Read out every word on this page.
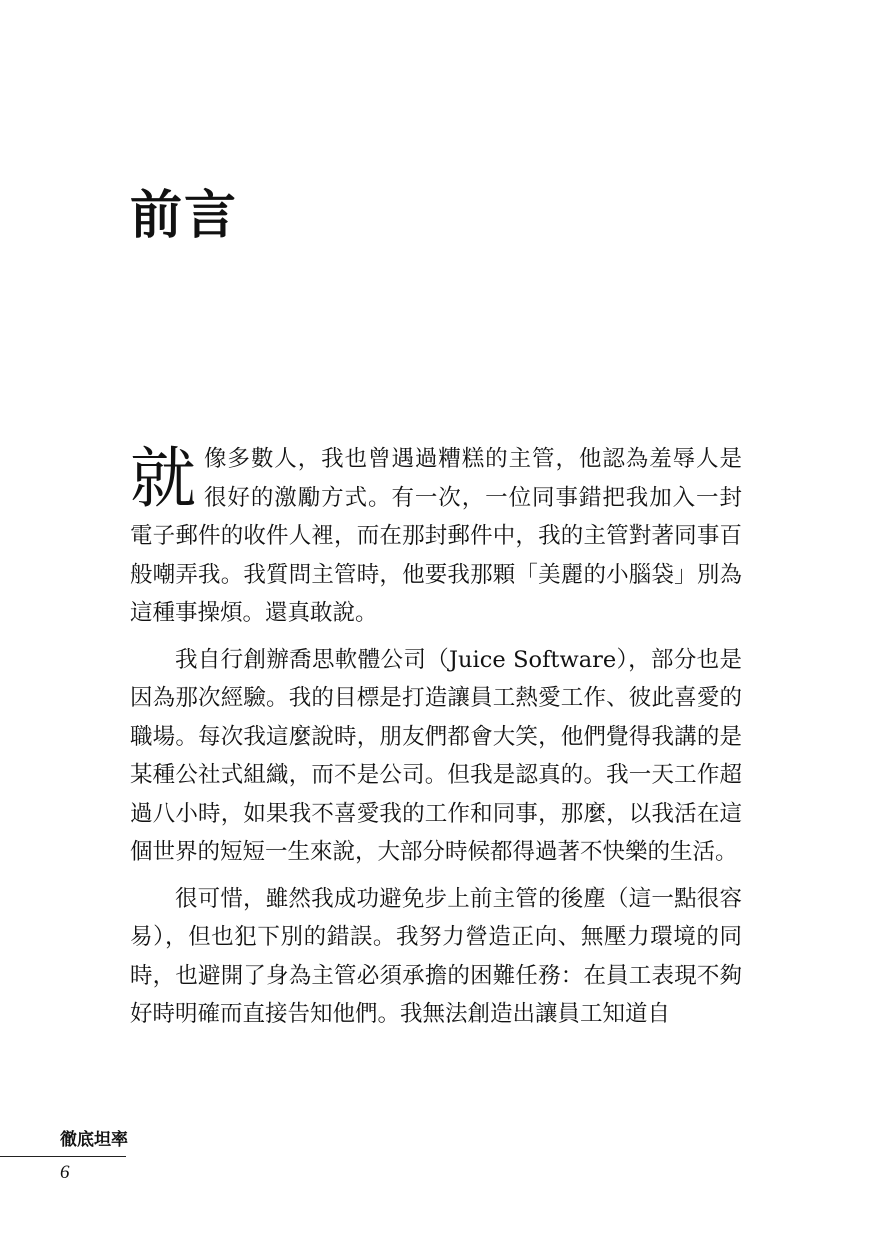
前言

就像多數人，我也曾遇過糟糕的主管，他認為羞辱人是很好的激勵方式。有一次，一位同事錯把我加入一封電子郵件的收件人裡，而在那封郵件中，我的主管對著同事百般嘲弄我。我質問主管時，他要我那顆「美麗的小腦袋」別為這種事操煩。還真敢說。

我自行創辦喬思軟體公司（Juice Software），部分也是因為那次經驗。我的目標是打造讓員工熱愛工作、彼此喜愛的職場。每次我這麼說時，朋友們都會大笑，他們覺得我講的是某種公社式組織，而不是公司。但我是認真的。我一天工作超過八小時，如果我不喜愛我的工作和同事，那麼，以我活在這個世界的短短一生來說，大部分時候都得過著不快樂的生活。

很可惜，雖然我成功避免步上前主管的後塵（這一點很容易），但也犯下別的錯誤。我努力營造正向、無壓力環境的同時，也避開了身為主管必須承擔的困難任務：在員工表現不夠好時明確而直接告知他們。我無法創造出讓員工知道自

徹底坦率
6
